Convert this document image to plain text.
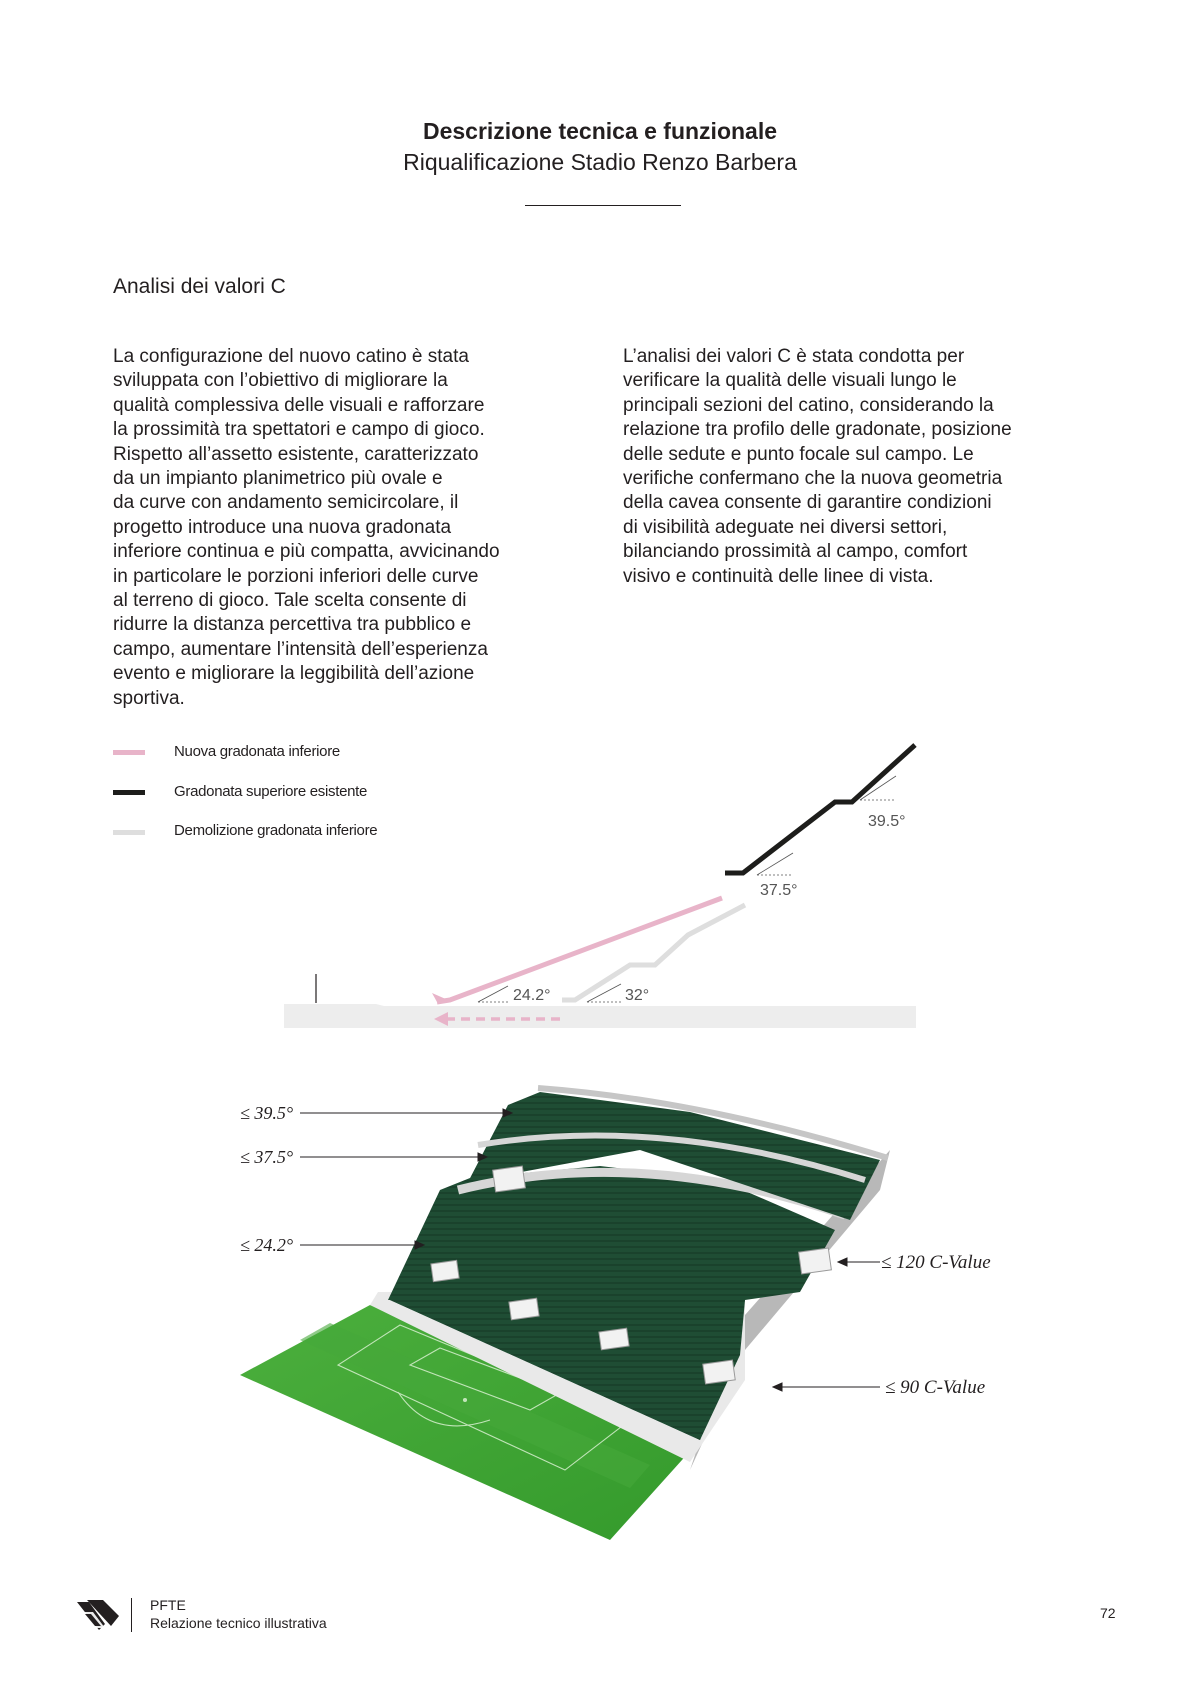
Descrizione tecnica e funzionale
Riqualificazione Stadio Renzo Barbera
Analisi dei valori C
La configurazione del nuovo catino è stata
sviluppata con l’obiettivo di migliorare la
qualità complessiva delle visuali e rafforzare
la prossimità tra spettatori e campo di gioco.
Rispetto all’assetto esistente, caratterizzato
da un impianto planimetrico più ovale e
da curve con andamento semicircolare, il
progetto introduce una nuova gradonata
inferiore continua e più compatta, avvicinando
in particolare le porzioni inferiori delle curve
al terreno di gioco. Tale scelta consente di
ridurre la distanza percettiva tra pubblico e
campo, aumentare l’intensità dell’esperienza
evento e migliorare la leggibilità dell’azione
sportiva.
L’analisi dei valori C è stata condotta per
verificare la qualità delle visuali lungo le
principali sezioni del catino, considerando la
relazione tra profilo delle gradonate, posizione
delle sedute e punto focale sul campo. Le
verifiche confermano che la nuova geometria
della cavea consente di garantire condizioni
di visibilità adeguate nei diversi settori,
bilanciando prossimità al campo, comfort
visivo e continuità delle linee di vista.
Nuova gradonata inferiore
Gradonata superiore esistente
Demolizione gradonata inferiore
39.5°
37.5°
24.2°	32°
≤ 39.5°
≤ 37.5°
≤ 24.2°
≤ 120 C-Value
≤ 90 C-Value
PFTE
Relazione tecnico illustrativa
72
